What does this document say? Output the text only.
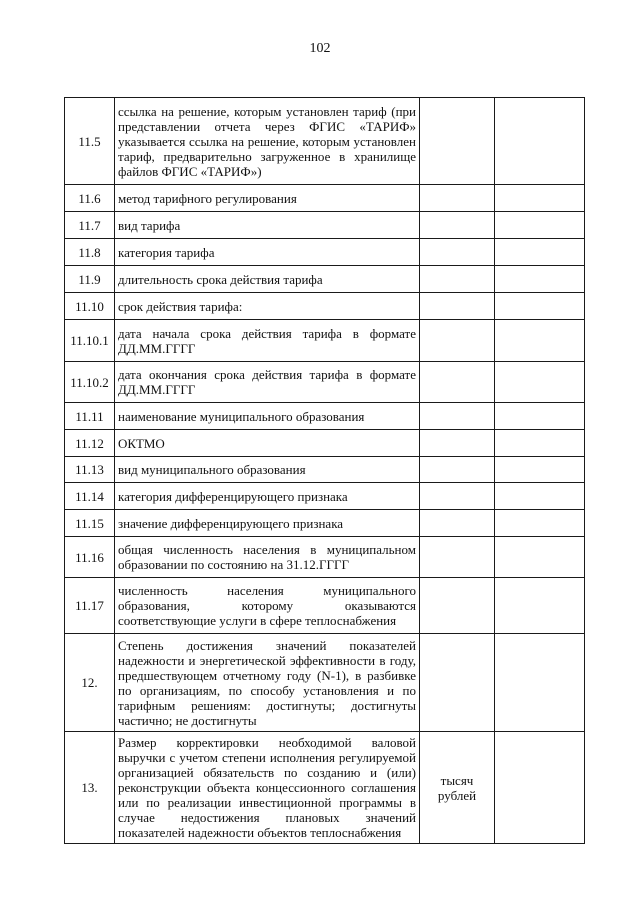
102
11.5	ссылка на решение, которым установлен тариф (при представлении отчета через ФГИС «ТАРИФ» указывается ссылка на решение, которым установлен тариф, предварительно загруженное в хранилище файлов ФГИС «ТАРИФ»)		
11.6	метод тарифного регулирования		
11.7	вид тарифа		
11.8	категория тарифа		
11.9	длительность срока действия тарифа		
11.10	срок действия тарифа:		
11.10.1	дата начала срока действия тарифа в формате ДД.ММ.ГГГГ		
11.10.2	дата окончания срока действия тарифа в формате ДД.ММ.ГГГГ		
11.11	наименование муниципального образования		
11.12	ОКТМО		
11.13	вид муниципального образования		
11.14	категория дифференцирующего признака		
11.15	значение дифференцирующего признака		
11.16	общая численность населения в муниципальном образовании по состоянию на 31.12.ГГГГ		
11.17	численность населения муниципального образования, которому оказываются соответствующие услуги в сфере теплоснабжения		
12.	Степень достижения значений показателей надежности и энергетической эффективности в году, предшествующем отчетному году (N-1), в разбивке по организациям, по способу установления и по тарифным решениям: достигнуты; достигнуты частично; не достигнуты		
13.	Размер корректировки необходимой валовой выручки с учетом степени исполнения регулируемой организацией обязательств по созданию и (или) реконструкции объекта концессионного соглашения или по реализации инвестиционной программы в случае недостижения плановых значений показателей надежности объектов теплоснабжения	тысяч рублей	
